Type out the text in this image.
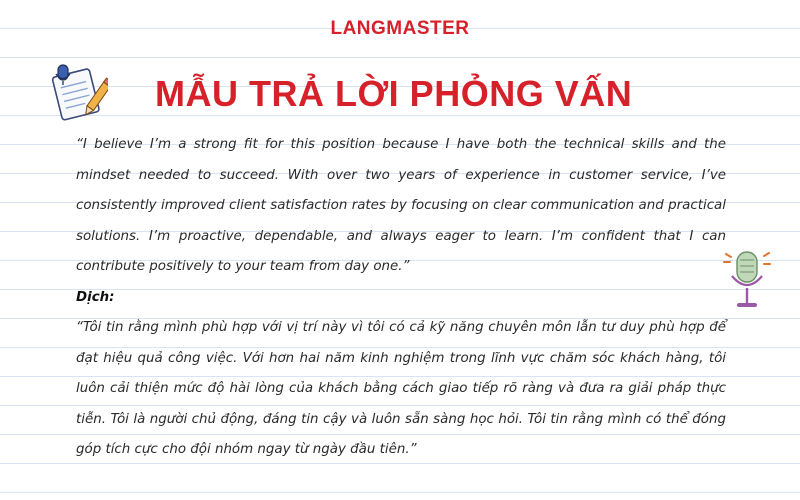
LANGMASTER
MẪU TRẢ LỜI PHỎNG VẤN

“I believe I’m a strong fit for this position because I have both the technical skills and the mindset needed to succeed. With over two years of experience in customer service, I’ve consistently improved client satisfaction rates by focusing on clear communication and practical solutions. I’m proactive, dependable, and always eager to learn. I’m confident that I can contribute positively to your team from day one.”

Dịch:

“Tôi tin rằng mình phù hợp với vị trí này vì tôi có cả kỹ năng chuyên môn lẫn tư duy phù hợp để đạt hiệu quả công việc. Với hơn hai năm kinh nghiệm trong lĩnh vực chăm sóc khách hàng, tôi luôn cải thiện mức độ hài lòng của khách bằng cách giao tiếp rõ ràng và đưa ra giải pháp thực tiễn. Tôi là người chủ động, đáng tin cậy và luôn sẵn sàng học hỏi. Tôi tin rằng mình có thể đóng góp tích cực cho đội nhóm ngay từ ngày đầu tiên.”
